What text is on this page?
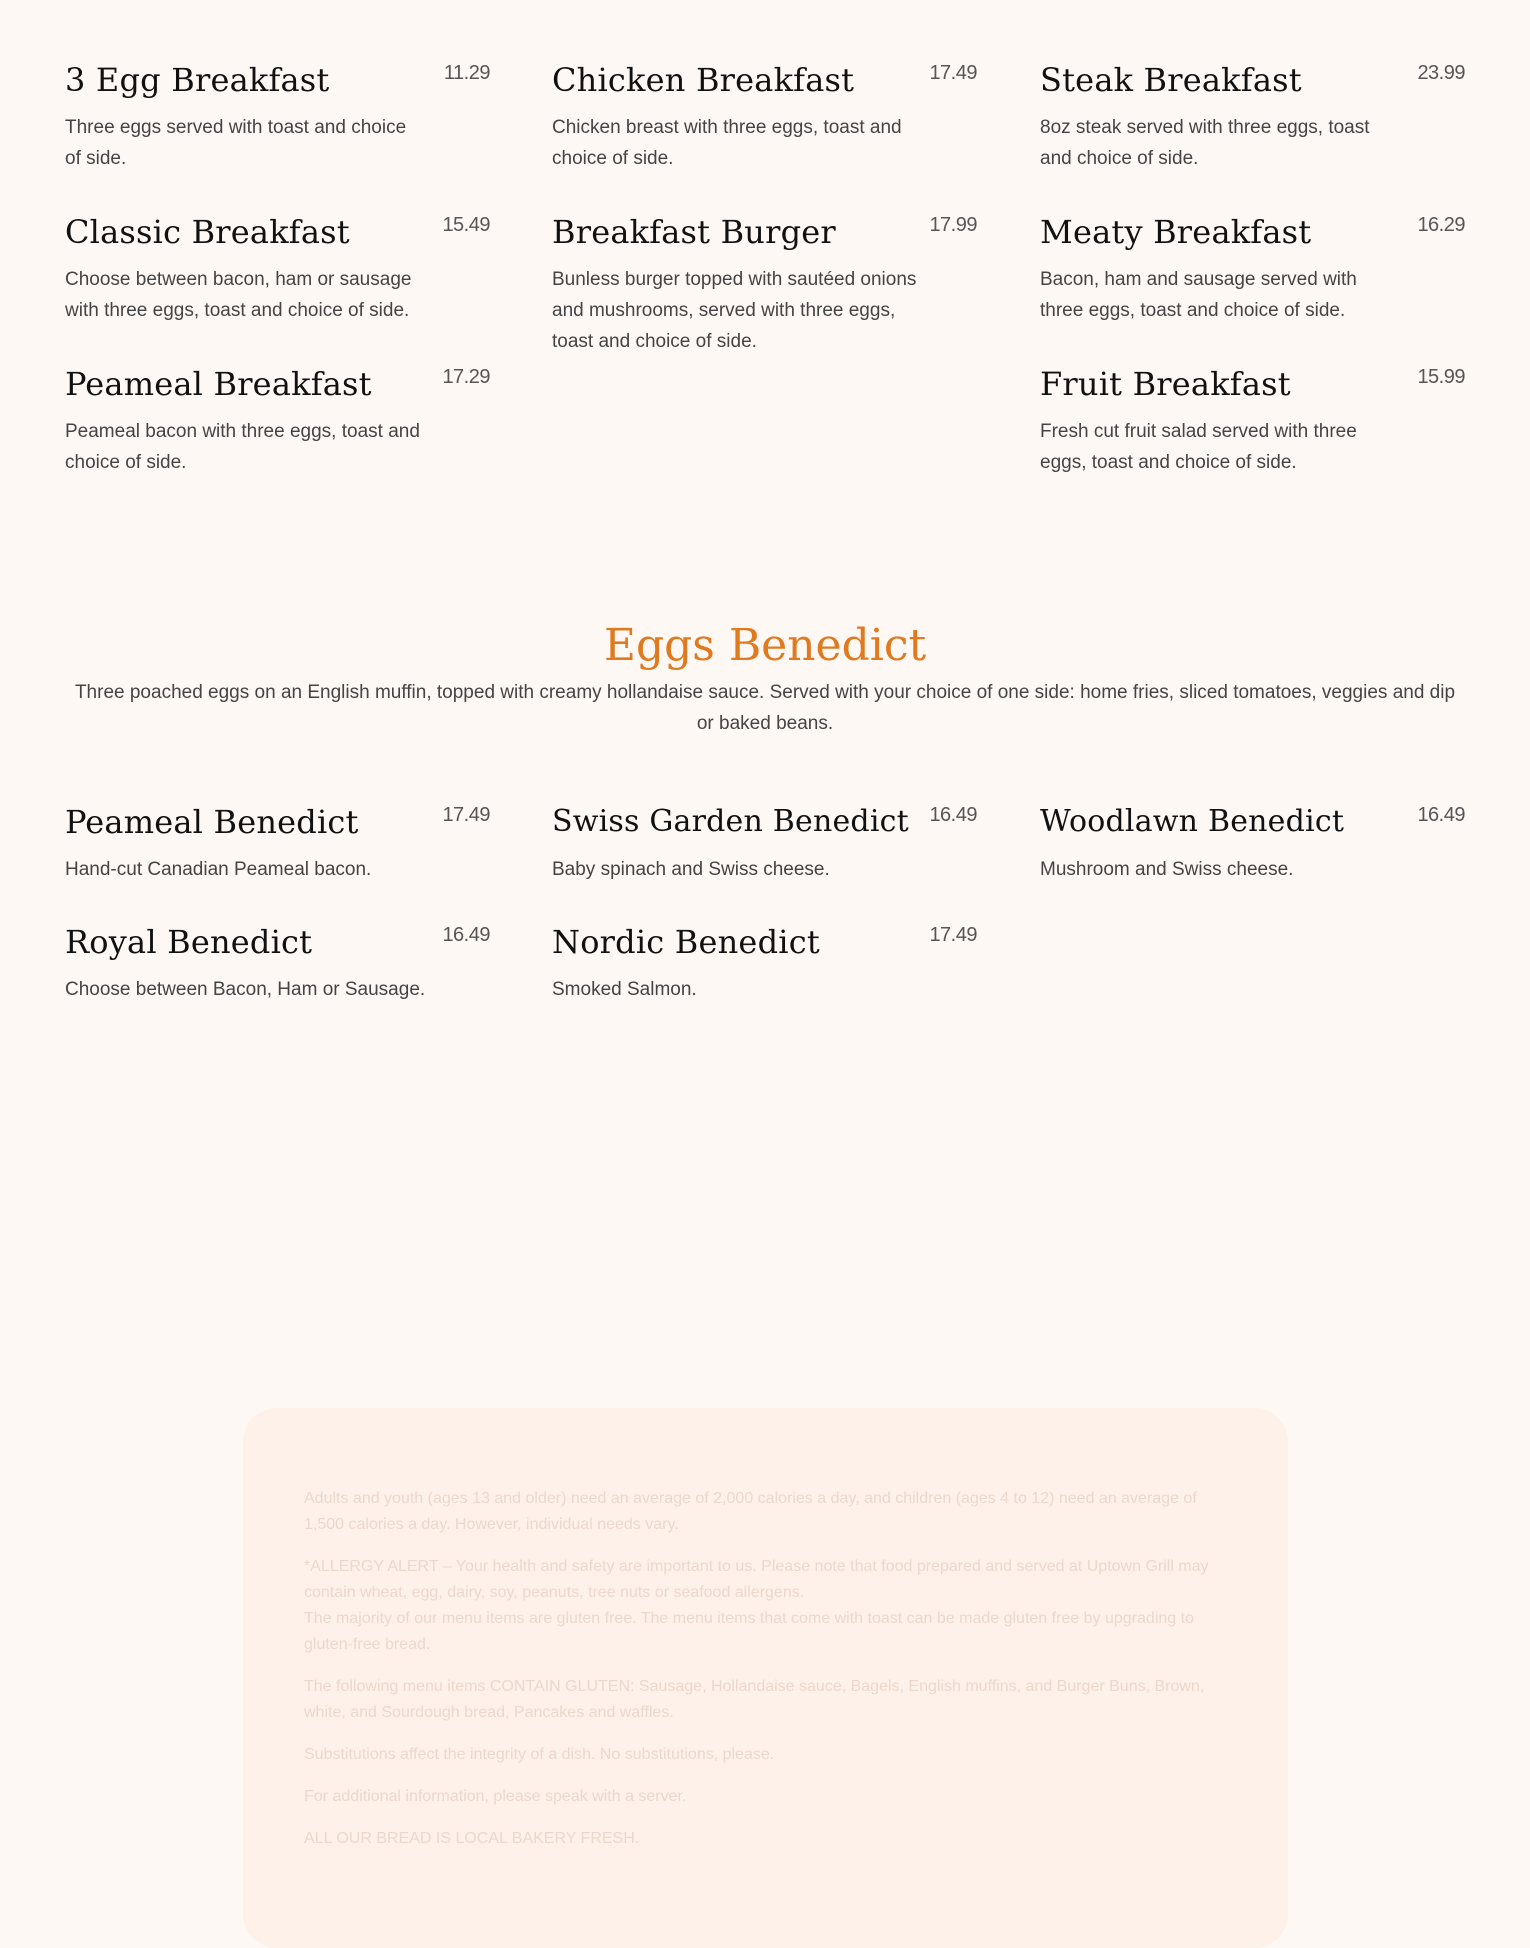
3 Egg Breakfast	11.29
Three eggs served with toast and choice of side.
Chicken Breakfast	17.49
Chicken breast with three eggs, toast and choice of side.
Steak Breakfast	23.99
8oz steak served with three eggs, toast and choice of side.
Classic Breakfast	15.49
Choose between bacon, ham or sausage with three eggs, toast and choice of side.
Breakfast Burger	17.99
Bunless burger topped with sautéed onions and mushrooms, served with three eggs, toast and choice of side.
Meaty Breakfast	16.29
Bacon, ham and sausage served with three eggs, toast and choice of side.
Peameal Breakfast	17.29
Peameal bacon with three eggs, toast and choice of side.
Fruit Breakfast	15.99
Fresh cut fruit salad served with three eggs, toast and choice of side.
Eggs Benedict
Three poached eggs on an English muffin, topped with creamy hollandaise sauce. Served with your choice of one side: home fries, sliced tomatoes, veggies and dip or baked beans.
Peameal Benedict	17.49
Hand-cut Canadian Peameal bacon.
Swiss Garden Benedict	16.49
Baby spinach and Swiss cheese.
Woodlawn Benedict	16.49
Mushroom and Swiss cheese.
Royal Benedict	16.49
Choose between Bacon, Ham or Sausage.
Nordic Benedict	17.49
Smoked Salmon.

Adults and youth (ages 13 and older) need an average of 2,000 calories a day, and children (ages 4 to 12) need an average of 1,500 calories a day. However, individual needs vary.

*ALLERGY ALERT – Your health and safety are important to us. Please note that food prepared and served at Uptown Grill may contain wheat, egg, dairy, soy, peanuts, tree nuts or seafood allergens.
The majority of our menu items are gluten free. The menu items that come with toast can be made gluten free by upgrading to gluten-free bread.

The following menu items CONTAIN GLUTEN: Sausage, Hollandaise sauce, Bagels, English muffins, and Burger Buns, Brown, white, and Sourdough bread, Pancakes and waffles.

Substitutions affect the integrity of a dish. No substitutions, please.

For additional information, please speak with a server.

ALL OUR BREAD IS LOCAL BAKERY FRESH.
